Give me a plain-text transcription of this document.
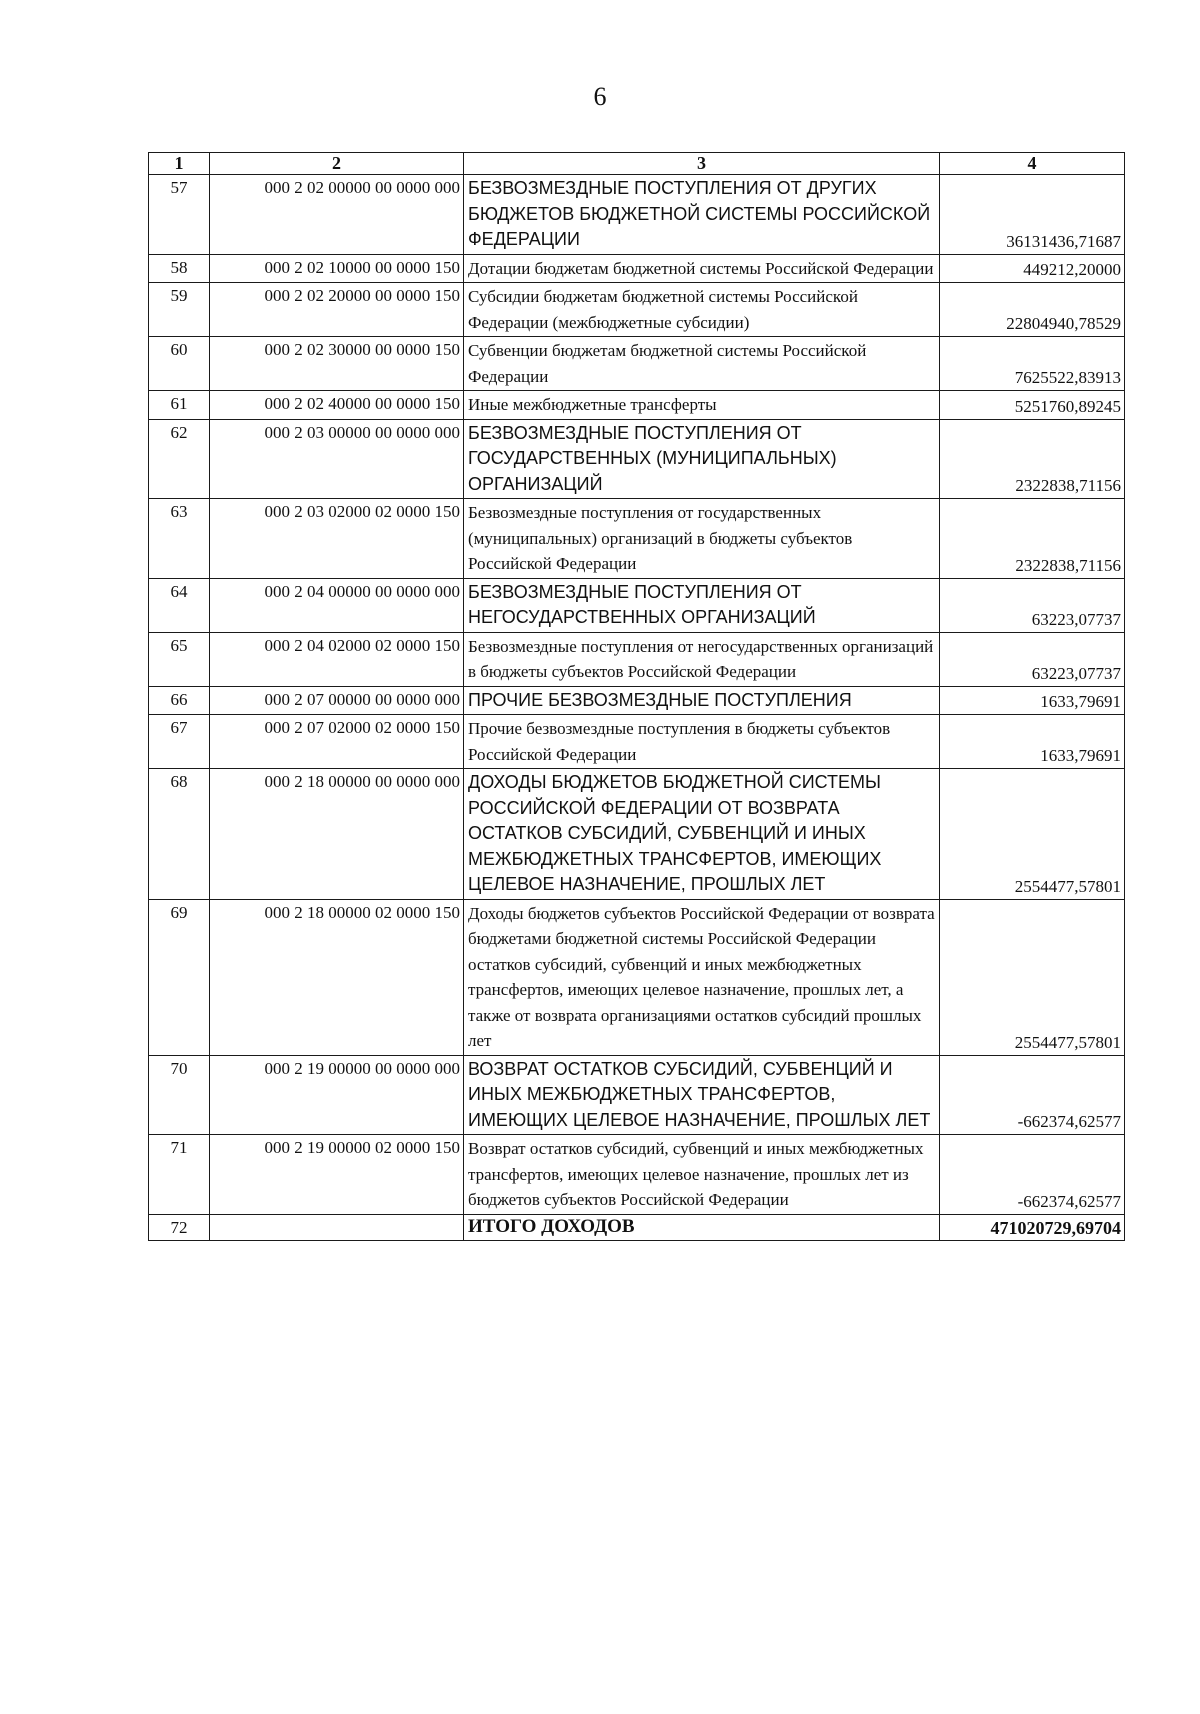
6
1	2	3	4
57	000 2 02 00000 00 0000 000	БЕЗВОЗМЕЗДНЫЕ ПОСТУПЛЕНИЯ ОТ ДРУГИХ БЮДЖЕТОВ БЮДЖЕТНОЙ СИСТЕМЫ РОССИЙСКОЙ ФЕДЕРАЦИИ	36131436,71687
58	000 2 02 10000 00 0000 150	Дотации бюджетам бюджетной системы Российской Федерации	449212,20000
59	000 2 02 20000 00 0000 150	Субсидии бюджетам бюджетной системы Российской Федерации (межбюджетные субсидии)	22804940,78529
60	000 2 02 30000 00 0000 150	Субвенции бюджетам бюджетной системы Российской Федерации	7625522,83913
61	000 2 02 40000 00 0000 150	Иные межбюджетные трансферты	5251760,89245
62	000 2 03 00000 00 0000 000	БЕЗВОЗМЕЗДНЫЕ ПОСТУПЛЕНИЯ ОТ ГОСУДАРСТВЕННЫХ (МУНИЦИПАЛЬНЫХ) ОРГАНИЗАЦИЙ	2322838,71156
63	000 2 03 02000 02 0000 150	Безвозмездные поступления от государственных (муниципальных) организаций в бюджеты субъектов Российской Федерации	2322838,71156
64	000 2 04 00000 00 0000 000	БЕЗВОЗМЕЗДНЫЕ ПОСТУПЛЕНИЯ ОТ НЕГОСУДАРСТВЕННЫХ ОРГАНИЗАЦИЙ	63223,07737
65	000 2 04 02000 02 0000 150	Безвозмездные поступления от негосударственных организаций в бюджеты субъектов Российской Федерации	63223,07737
66	000 2 07 00000 00 0000 000	ПРОЧИЕ БЕЗВОЗМЕЗДНЫЕ ПОСТУПЛЕНИЯ	1633,79691
67	000 2 07 02000 02 0000 150	Прочие безвозмездные поступления в бюджеты субъектов Российской Федерации	1633,79691
68	000 2 18 00000 00 0000 000	ДОХОДЫ БЮДЖЕТОВ БЮДЖЕТНОЙ СИСТЕМЫ РОССИЙСКОЙ ФЕДЕРАЦИИ ОТ ВОЗВРАТА ОСТАТКОВ СУБСИДИЙ, СУБВЕНЦИЙ И ИНЫХ МЕЖБЮДЖЕТНЫХ ТРАНСФЕРТОВ, ИМЕЮЩИХ ЦЕЛЕВОЕ НАЗНАЧЕНИЕ, ПРОШЛЫХ ЛЕТ	2554477,57801
69	000 2 18 00000 02 0000 150	Доходы бюджетов субъектов Российской Федерации от возврата бюджетами бюджетной системы Российской Федерации остатков субсидий, субвенций и иных межбюджетных трансфертов, имеющих целевое назначение, прошлых лет, а также от возврата организациями остатков субсидий прошлых лет	2554477,57801
70	000 2 19 00000 00 0000 000	ВОЗВРАТ ОСТАТКОВ СУБСИДИЙ, СУБВЕНЦИЙ И ИНЫХ МЕЖБЮДЖЕТНЫХ ТРАНСФЕРТОВ, ИМЕЮЩИХ ЦЕЛЕВОЕ НАЗНАЧЕНИЕ, ПРОШЛЫХ ЛЕТ	-662374,62577
71	000 2 19 00000 02 0000 150	Возврат остатков субсидий, субвенций и иных межбюджетных трансфертов, имеющих целевое назначение, прошлых лет из бюджетов субъектов Российской Федерации	-662374,62577
72		ИТОГО ДОХОДОВ	471020729,69704
